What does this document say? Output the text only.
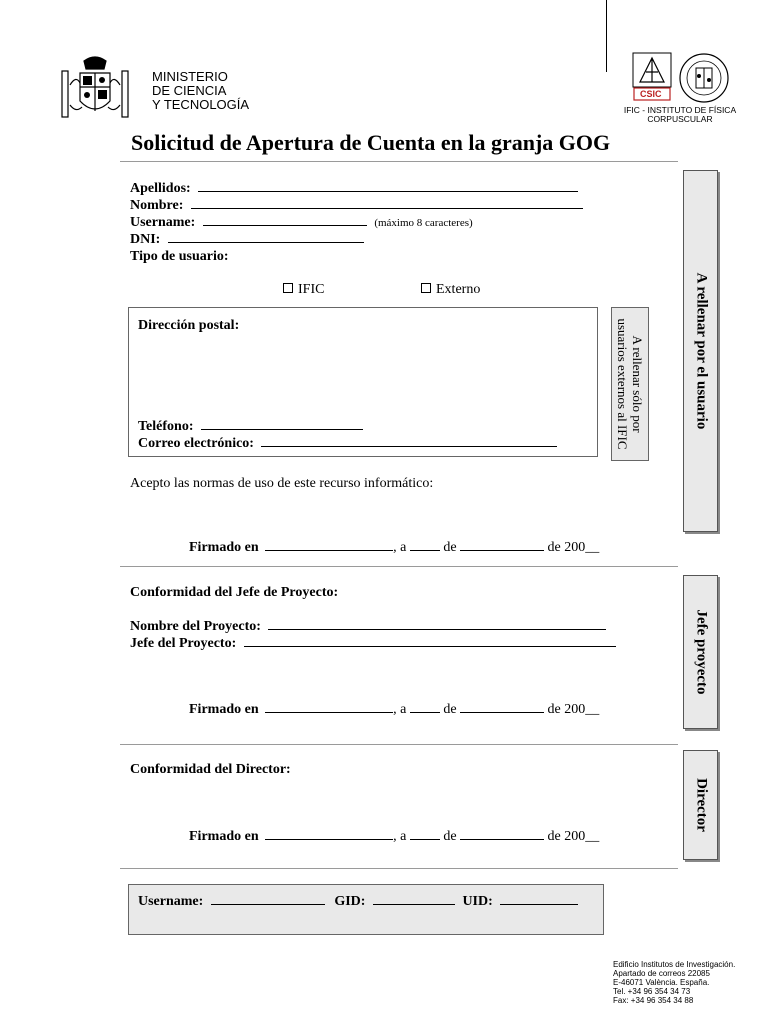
MINISTERIO
DE CIENCIA
Y TECNOLOGÍA
CSIC
IFIC - INSTITUTO DE FÍSICA
CORPUSCULAR
Solicitud de Apertura de Cuenta en la granja GOG
Apellidos:
Nombre:
Username:	(máximo 8 caracteres)
DNI:
Tipo de usuario:
IFIC	Externo
Dirección postal:
Teléfono:
Correo electrónico:
A rellenar sólo por
usuarios externos al IFIC
Acepto las normas de uso de este recurso informático:
Firmado en	, a	de	de 200__
A rellenar por el usuario
Conformidad del Jefe de Proyecto:
Nombre del Proyecto:
Jefe del Proyecto:
Firmado en	, a	de	de 200__
Jefe proyecto
Conformidad del Director:
Firmado en	, a	de	de 200__
Director
Username:	GID:	UID:
Edificio Institutos de Investigación.
Apartado de correos 22085
E-46071 València. España.
Tel. +34 96 354 34 73
Fax: +34 96 354 34 88
